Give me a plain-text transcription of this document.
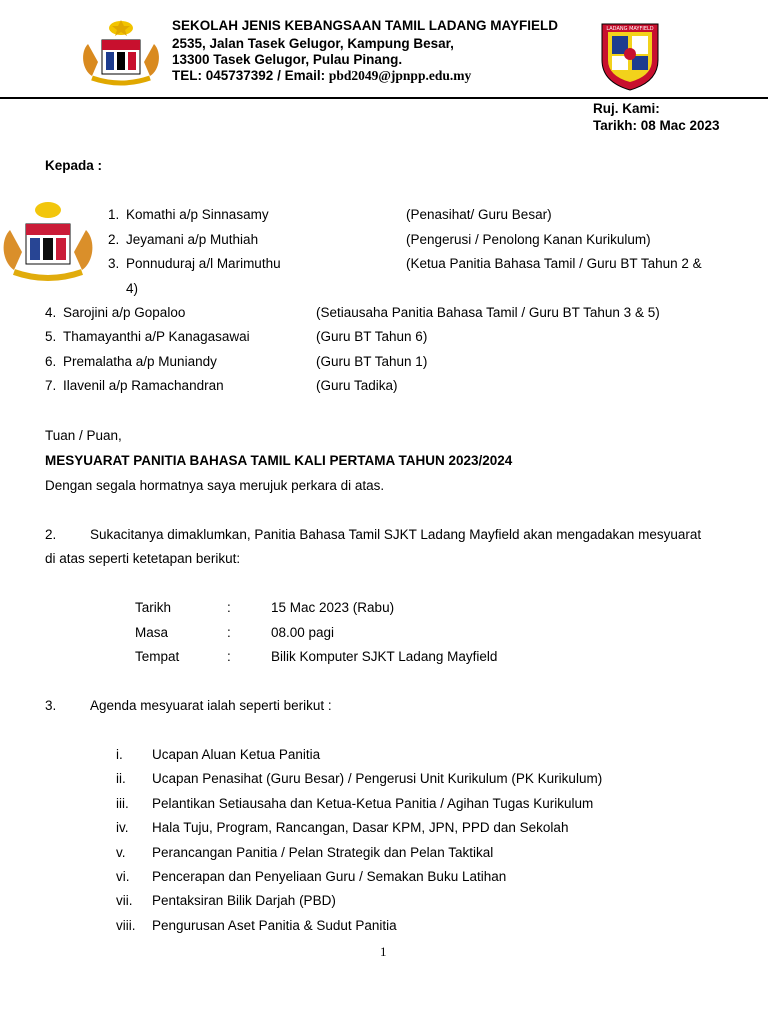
SEKOLAH JENIS KEBANGSAAN TAMIL LADANG MAYFIELD
2535, Jalan Tasek Gelugor, Kampung Besar,
13300 Tasek Gelugor, Pulau Pinang.
TEL: 045737392 / Email: pbd2049@jpnpp.edu.my
LADANG MAYFIELD
Ruj. Kami:
Tarikh: 08 Mac 2023
Kepada :
1. Komathi a/p Sinnasamy	(Penasihat/ Guru Besar)
2. Jeyamani a/p Muthiah	(Pengerusi / Penolong Kanan Kurikulum)
3. Ponnuduraj a/l Marimuthu	(Ketua Panitia Bahasa Tamil / Guru BT Tahun 2 &
4)
4. Sarojini a/p Gopaloo	(Setiausaha Panitia Bahasa Tamil / Guru BT Tahun 3 & 5)
5. Thamayanthi a/P Kanagasawai	(Guru BT Tahun 6)
6. Premalatha a/p Muniandy	(Guru BT Tahun 1)
7. Ilavenil a/p Ramachandran	(Guru Tadika)
Tuan / Puan,
MESYUARAT PANITIA BAHASA TAMIL KALI PERTAMA TAHUN 2023/2024
Dengan segala hormatnya saya merujuk perkara di atas.
2. Sukacitanya dimaklumkan, Panitia Bahasa Tamil SJKT Ladang Mayfield akan mengadakan mesyuarat
di atas seperti ketetapan berikut:
Tarikh	:	15 Mac 2023 (Rabu)
Masa	:	08.00 pagi
Tempat	:	Bilik Komputer SJKT Ladang Mayfield
3. Agenda mesyuarat ialah seperti berikut :
i. Ucapan Aluan Ketua Panitia
ii. Ucapan Penasihat (Guru Besar) / Pengerusi Unit Kurikulum (PK Kurikulum)
iii. Pelantikan Setiausaha dan Ketua-Ketua Panitia / Agihan Tugas Kurikulum
iv. Hala Tuju, Program, Rancangan, Dasar KPM, JPN, PPD dan Sekolah
v. Perancangan Panitia / Pelan Strategik dan Pelan Taktikal
vi. Pencerapan dan Penyeliaan Guru / Semakan Buku Latihan
vii. Pentaksiran Bilik Darjah (PBD)
viii. Pengurusan Aset Panitia & Sudut Panitia
1
